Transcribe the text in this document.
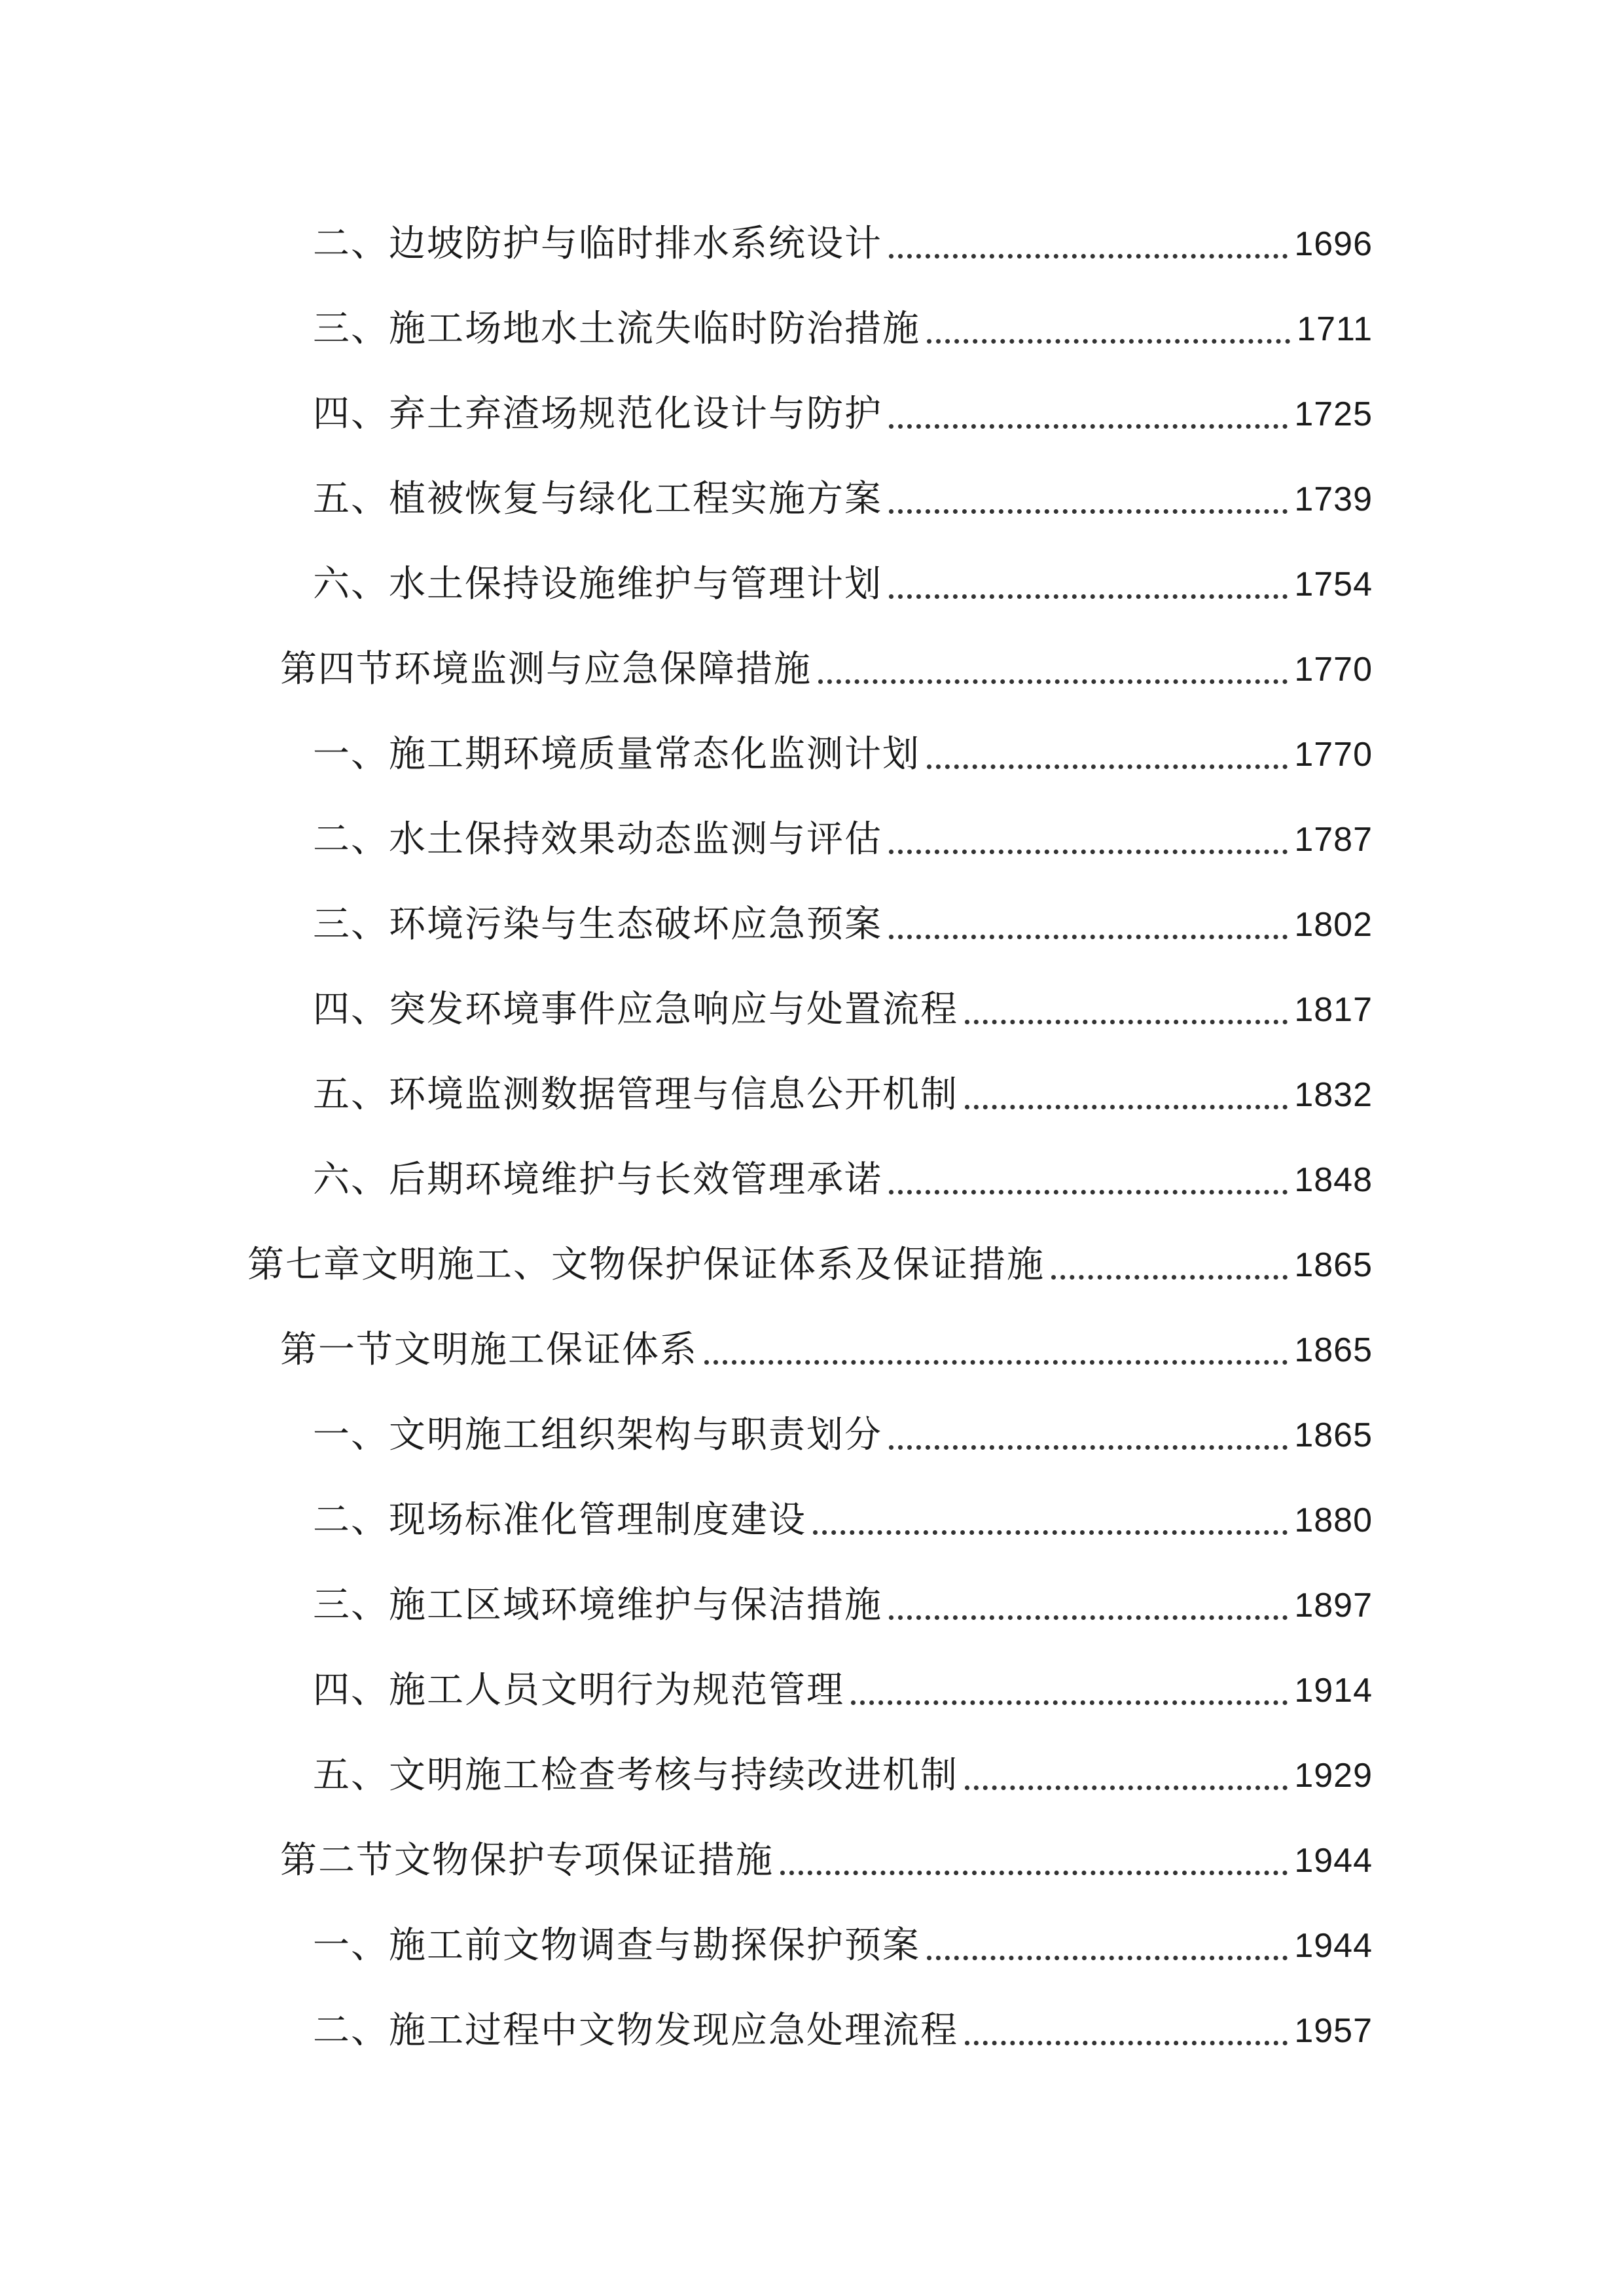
二、边坡防护与临时排水系统设计	1696
三、施工场地水土流失临时防治措施	1711
四、弃土弃渣场规范化设计与防护	1725
五、植被恢复与绿化工程实施方案	1739
六、水土保持设施维护与管理计划	1754
第四节环境监测与应急保障措施	1770
一、施工期环境质量常态化监测计划	1770
二、水土保持效果动态监测与评估	1787
三、环境污染与生态破坏应急预案	1802
四、突发环境事件应急响应与处置流程	1817
五、环境监测数据管理与信息公开机制	1832
六、后期环境维护与长效管理承诺	1848
第七章文明施工、文物保护保证体系及保证措施	1865
第一节文明施工保证体系	1865
一、文明施工组织架构与职责划分	1865
二、现场标准化管理制度建设	1880
三、施工区域环境维护与保洁措施	1897
四、施工人员文明行为规范管理	1914
五、文明施工检查考核与持续改进机制	1929
第二节文物保护专项保证措施	1944
一、施工前文物调查与勘探保护预案	1944
二、施工过程中文物发现应急处理流程	1957
